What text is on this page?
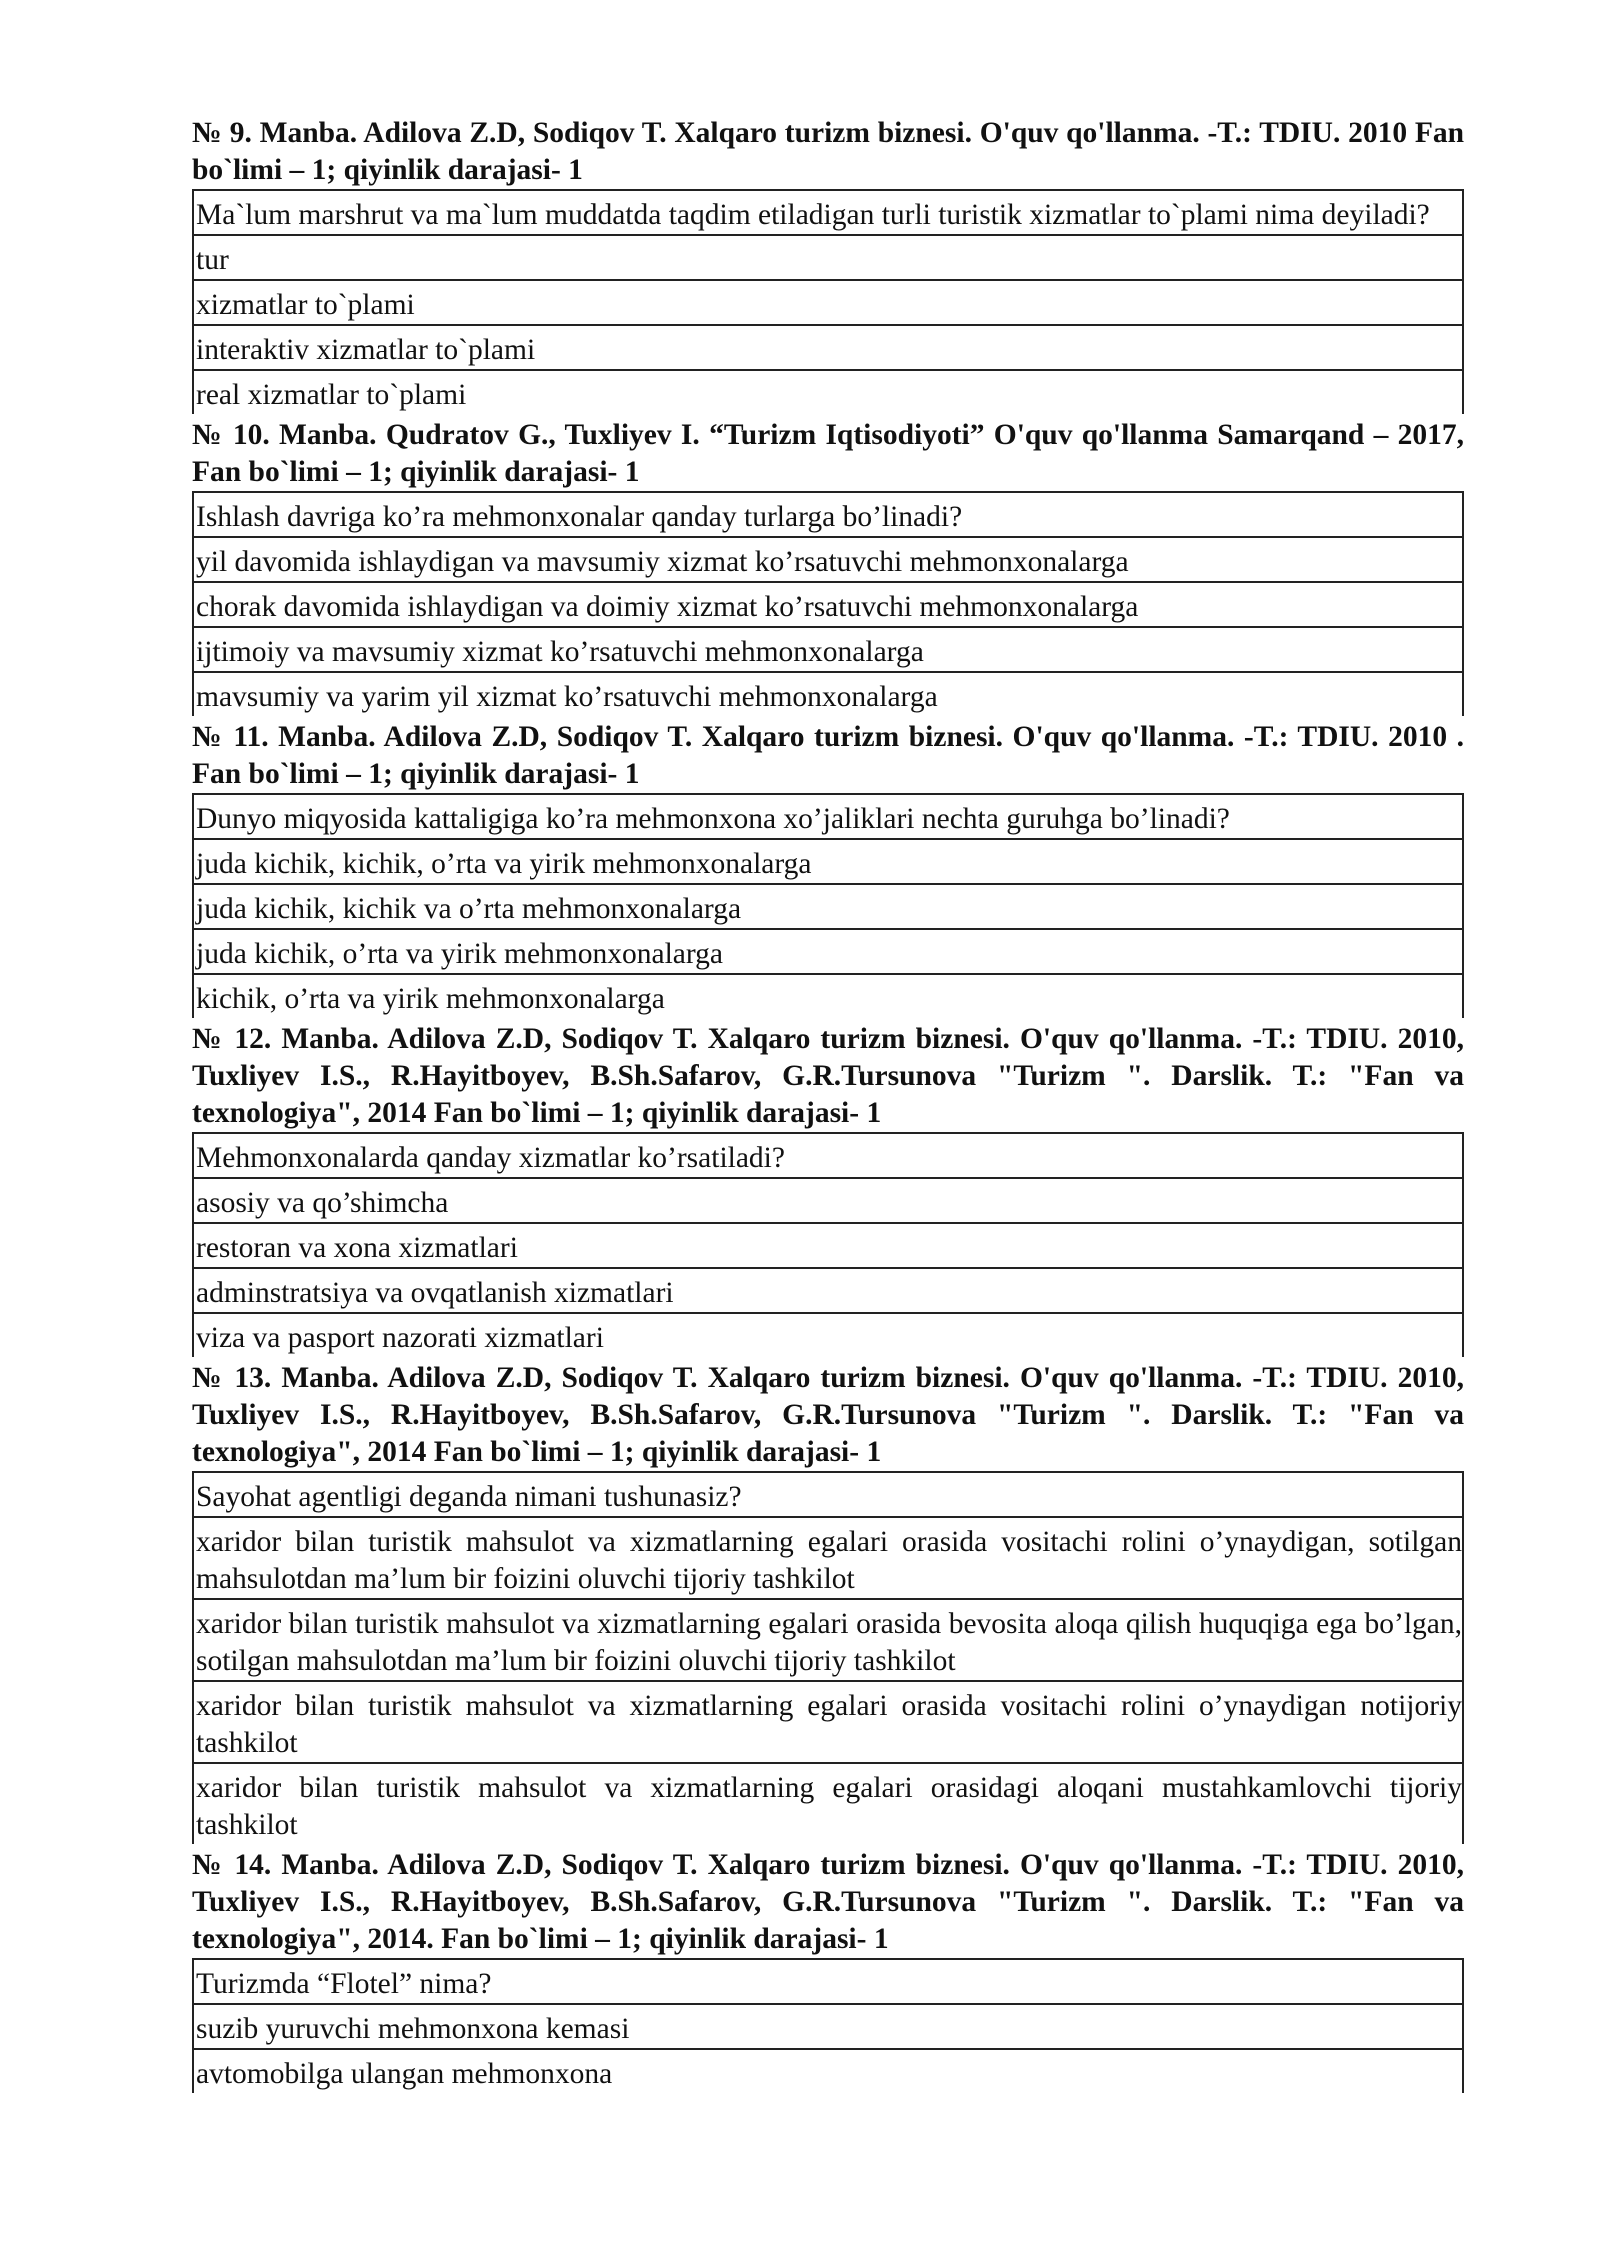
№ 9. Manba. Adilova Z.D, Sodiqov T. Xalqaro turizm biznesi. O'quv qo'llanma. -T.: TDIU. 2010 Fan bo`limi – 1; qiyinlik darajasi- 1
Ma`lum marshrut va ma`lum muddatda taqdim etiladigan turli turistik xizmatlar to`plami nima deyiladi?
tur
xizmatlar to`plami
interaktiv xizmatlar to`plami
real xizmatlar to`plami
№ 10. Manba. Qudratov G., Tuxliyev I. “Turizm Iqtisodiyoti” O'quv qo'llanma Samarqand – 2017, Fan bo`limi – 1; qiyinlik darajasi- 1
Ishlash davriga ko’ra mehmonxonalar qanday turlarga bo’linadi?
yil davomida ishlaydigan va mavsumiy xizmat ko’rsatuvchi mehmonxonalarga
chorak davomida ishlaydigan va doimiy xizmat ko’rsatuvchi mehmonxonalarga
ijtimoiy va mavsumiy xizmat ko’rsatuvchi mehmonxonalarga
mavsumiy va yarim yil xizmat ko’rsatuvchi mehmonxonalarga
№ 11. Manba. Adilova Z.D, Sodiqov T. Xalqaro turizm biznesi. O'quv qo'llanma. -T.: TDIU. 2010 . Fan bo`limi – 1; qiyinlik darajasi- 1
Dunyo miqyosida kattaligiga ko’ra mehmonxona xo’jaliklari nechta guruhga bo’linadi?
juda kichik, kichik, o’rta va yirik mehmonxonalarga
juda kichik, kichik va o’rta mehmonxonalarga
juda kichik, o’rta va yirik mehmonxonalarga
kichik, o’rta va yirik mehmonxonalarga
№ 12. Manba. Adilova Z.D, Sodiqov T. Xalqaro turizm biznesi. O'quv qo'llanma. -T.: TDIU. 2010, Tuxliyev I.S., R.Hayitboyev, B.Sh.Safarov, G.R.Tursunova "Turizm ". Darslik. T.: "Fan va texnologiya", 2014 Fan bo`limi – 1; qiyinlik darajasi- 1
Mehmonxonalarda qanday xizmatlar ko’rsatiladi?
asosiy va qo’shimcha
restoran va xona xizmatlari
adminstratsiya va ovqatlanish xizmatlari
viza va pasport nazorati xizmatlari
№ 13. Manba. Adilova Z.D, Sodiqov T. Xalqaro turizm biznesi. O'quv qo'llanma. -T.: TDIU. 2010, Tuxliyev I.S., R.Hayitboyev, B.Sh.Safarov, G.R.Tursunova "Turizm ". Darslik. T.: "Fan va texnologiya", 2014 Fan bo`limi – 1; qiyinlik darajasi- 1
Sayohat agentligi deganda nimani tushunasiz?
xaridor bilan turistik mahsulot va xizmatlarning egalari orasida vositachi rolini o’ynaydigan, sotilgan mahsulotdan ma’lum bir foizini oluvchi tijoriy tashkilot
xaridor bilan turistik mahsulot va xizmatlarning egalari orasida bevosita aloqa qilish huquqiga ega bo’lgan, sotilgan mahsulotdan ma’lum bir foizini oluvchi tijoriy tashkilot
xaridor bilan turistik mahsulot va xizmatlarning egalari orasida vositachi rolini o’ynaydigan notijoriy tashkilot
xaridor bilan turistik mahsulot va xizmatlarning egalari orasidagi aloqani mustahkamlovchi tijoriy tashkilot
№ 14. Manba. Adilova Z.D, Sodiqov T. Xalqaro turizm biznesi. O'quv qo'llanma. -T.: TDIU. 2010, Tuxliyev I.S., R.Hayitboyev, B.Sh.Safarov, G.R.Tursunova "Turizm ". Darslik. T.: "Fan va texnologiya", 2014. Fan bo`limi – 1; qiyinlik darajasi- 1
Turizmda “Flotel” nima?
suzib yuruvchi mehmonxona kemasi
avtomobilga ulangan mehmonxona
